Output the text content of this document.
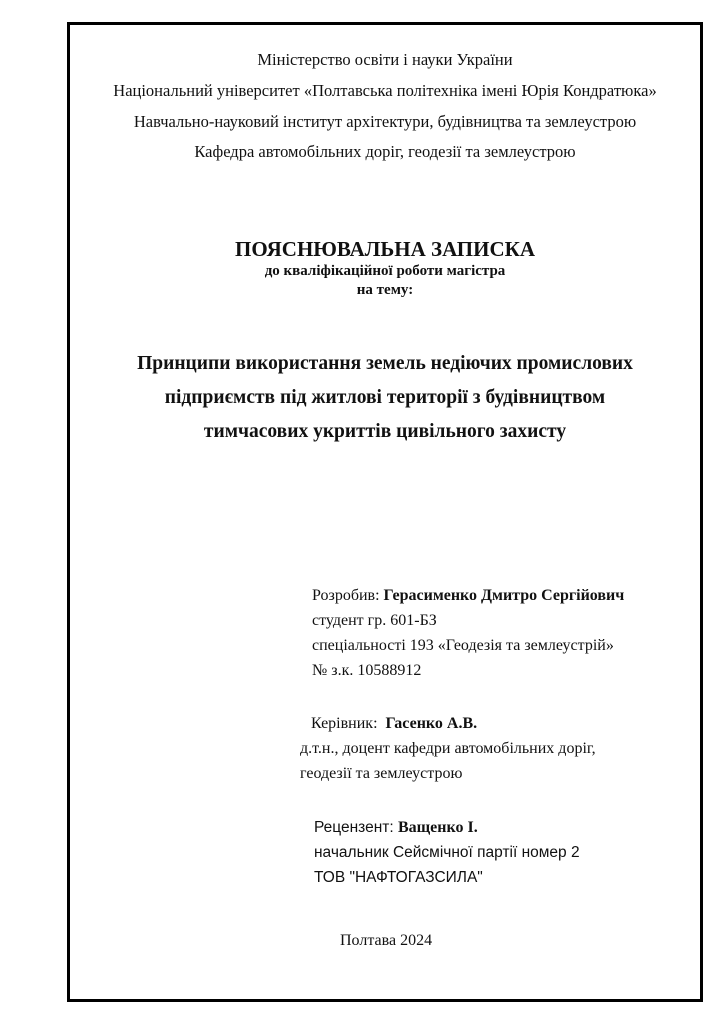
Міністерство освіти і науки України
Національний університет «Полтавська політехніка імені Юрія Кондратюка»
Навчально-науковий інститут архітектури, будівництва та землеустрою
Кафедра автомобільних доріг, геодезії та землеустрою
ПОЯСНЮВАЛЬНА ЗАПИСКА
до кваліфікаційної роботи магістра
на тему:
Принципи використання земель недіючих промислових
підприємств під житлові території з будівництвом
тимчасових укриттів цивільного захисту
Розробив: Герасименко Дмитро Сергійович
студент гр. 601-БЗ
спеціальності 193 «Геодезія та землеустрій»
№ з.к. 10588912
Керівник:  Гасенко А.В.
д.т.н., доцент кафедри автомобільних доріг,
геодезії та землеустрою
Рецензент: Ващенко І.
начальник Сейсмічної партії номер 2
ТОВ "НАФТОГАЗСИЛА"
Полтава 2024
